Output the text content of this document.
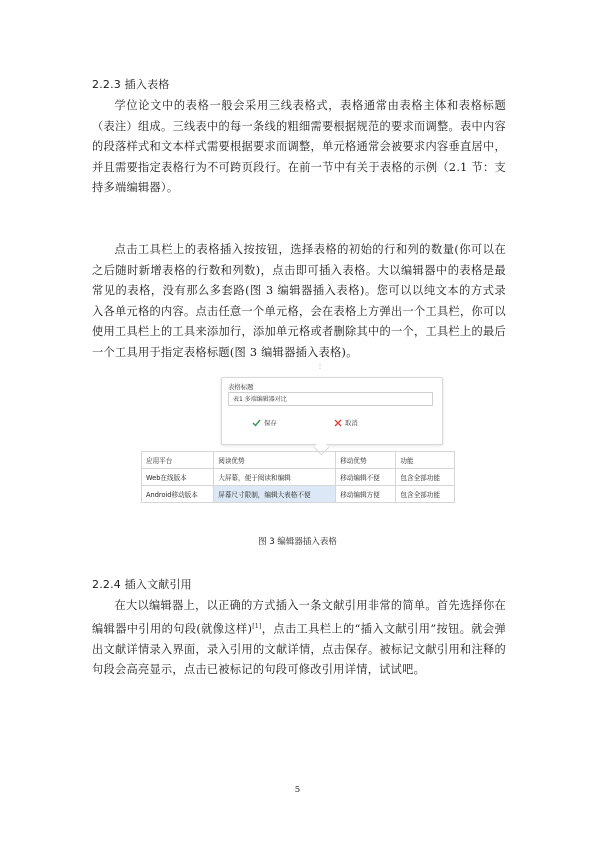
2.2.3 插入表格

学位论文中的表格一般会采用三线表格式，表格通常由表格主体和表格标题（表注）组成。三线表中的每一条线的粗细需要根据规范的要求而调整。表中内容的段落样式和文本样式需要根据要求而调整，单元格通常会被要求内容垂直居中，并且需要指定表格行为不可跨页段行。在前一节中有关于表格的示例（2.1 节：支持多端编辑器）。

点击工具栏上的表格插入按按钮，选择表格的初始的行和列的数量(你可以在之后随时新增表格的行数和列数)，点击即可插入表格。大以编辑器中的表格是最常见的表格，没有那么多套路(图 3 编辑器插入表格)。您可以以纯文本的方式录入各单元格的内容。点击任意一个单元格，会在表格上方弹出一个工具栏，你可以使用工具栏上的工具来添加行，添加单元格或者删除其中的一个，工具栏上的最后一个工具用于指定表格标题(图 3 编辑器插入表格)。

⋮
表格标题
表1 多端编辑器对比
保存	取消
应用平台	阅读优势	移动优势	功能
Web在线版本	大屏幕，便于阅读和编辑	移动编辑不便	包含全部功能
Android移动版本	屏幕尺寸限制，编辑大表格不便	移动编辑方便	包含全部功能
图 3 编辑器插入表格
2.2.4 插入文献引用

在大以编辑器上，以正确的方式插入一条文献引用非常的简单。首先选择你在编辑器中引用的句段(就像这样)[1]，点击工具栏上的“插入文献引用”按钮。就会弹出文献详情录入界面，录入引用的文献详情，点击保存。被标记文献引用和注释的句段会高亮显示，点击已被标记的句段可修改引用详情，试试吧。

5
